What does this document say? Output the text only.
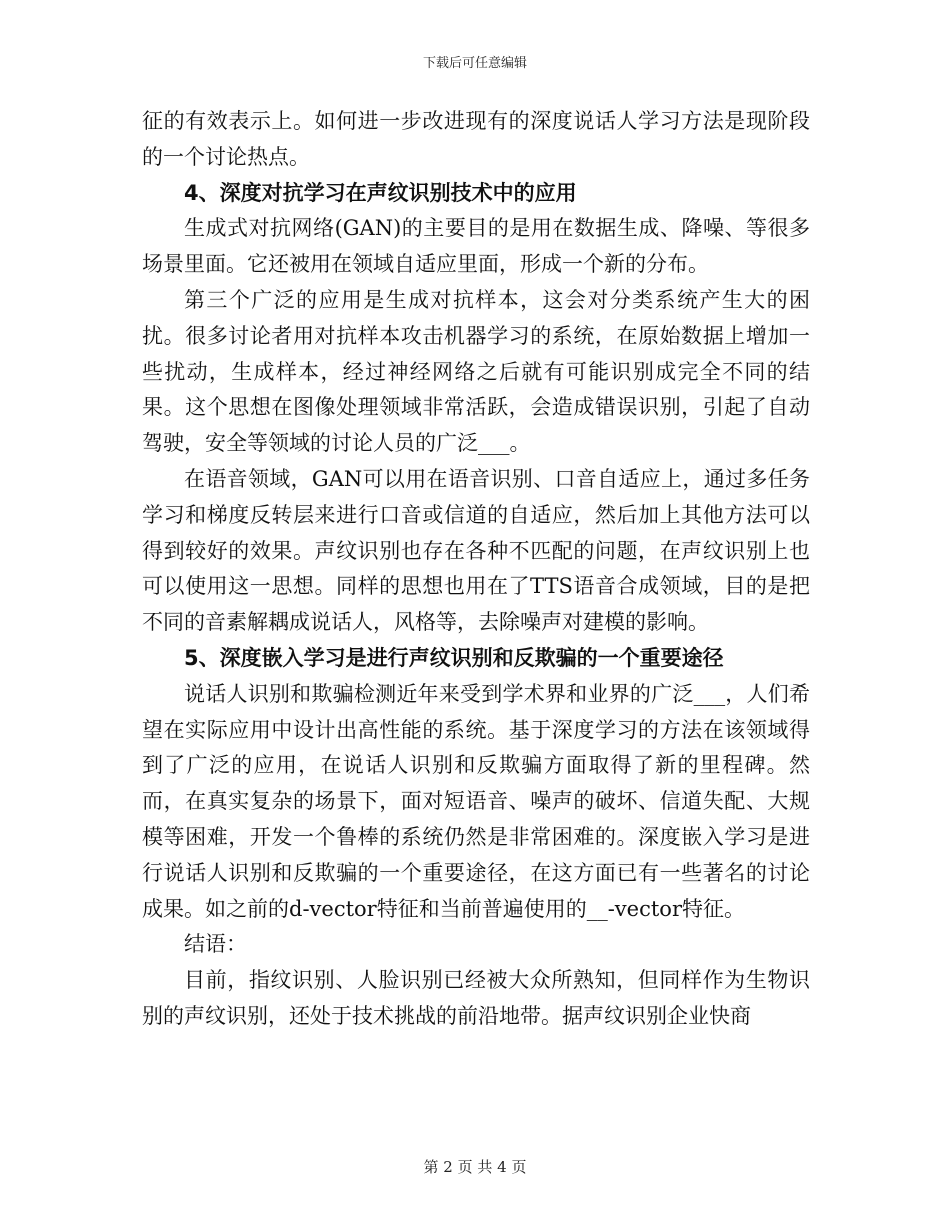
下载后可任意编辑

征的有效表示上。如何进一步改进现有的深度说话人学习方法是现阶段的一个讨论热点。

4、深度对抗学习在声纹识别技术中的应用

生成式对抗网络(GAN)的主要目的是用在数据生成、降噪、等很多场景里面。它还被用在领域自适应里面，形成一个新的分布。

第三个广泛的应用是生成对抗样本，这会对分类系统产生大的困扰。很多讨论者用对抗样本攻击机器学习的系统，在原始数据上增加一些扰动，生成样本，经过神经网络之后就有可能识别成完全不同的结果。这个思想在图像处理领域非常活跃，会造成错误识别，引起了自动驾驶，安全等领域的讨论人员的广泛___。

在语音领域，GAN可以用在语音识别、口音自适应上，通过多任务学习和梯度反转层来进行口音或信道的自适应，然后加上其他方法可以得到较好的效果。声纹识别也存在各种不匹配的问题，在声纹识别上也可以使用这一思想。同样的思想也用在了TTS语音合成领域，目的是把不同的音素解耦成说话人，风格等，去除噪声对建模的影响。

5、深度嵌入学习是进行声纹识别和反欺骗的一个重要途径

说话人识别和欺骗检测近年来受到学术界和业界的广泛___，人们希望在实际应用中设计出高性能的系统。基于深度学习的方法在该领域得到了广泛的应用，在说话人识别和反欺骗方面取得了新的里程碑。然而，在真实复杂的场景下，面对短语音、噪声的破坏、信道失配、大规模等困难，开发一个鲁棒的系统仍然是非常困难的。深度嵌入学习是进行说话人识别和反欺骗的一个重要途径，在这方面已有一些著名的讨论成果。如之前的d-vector特征和当前普遍使用的__-vector特征。

结语：

目前，指纹识别、人脸识别已经被大众所熟知，但同样作为生物识别的声纹识别，还处于技术挑战的前沿地带。据声纹识别企业快商

第 2 页 共 4 页
